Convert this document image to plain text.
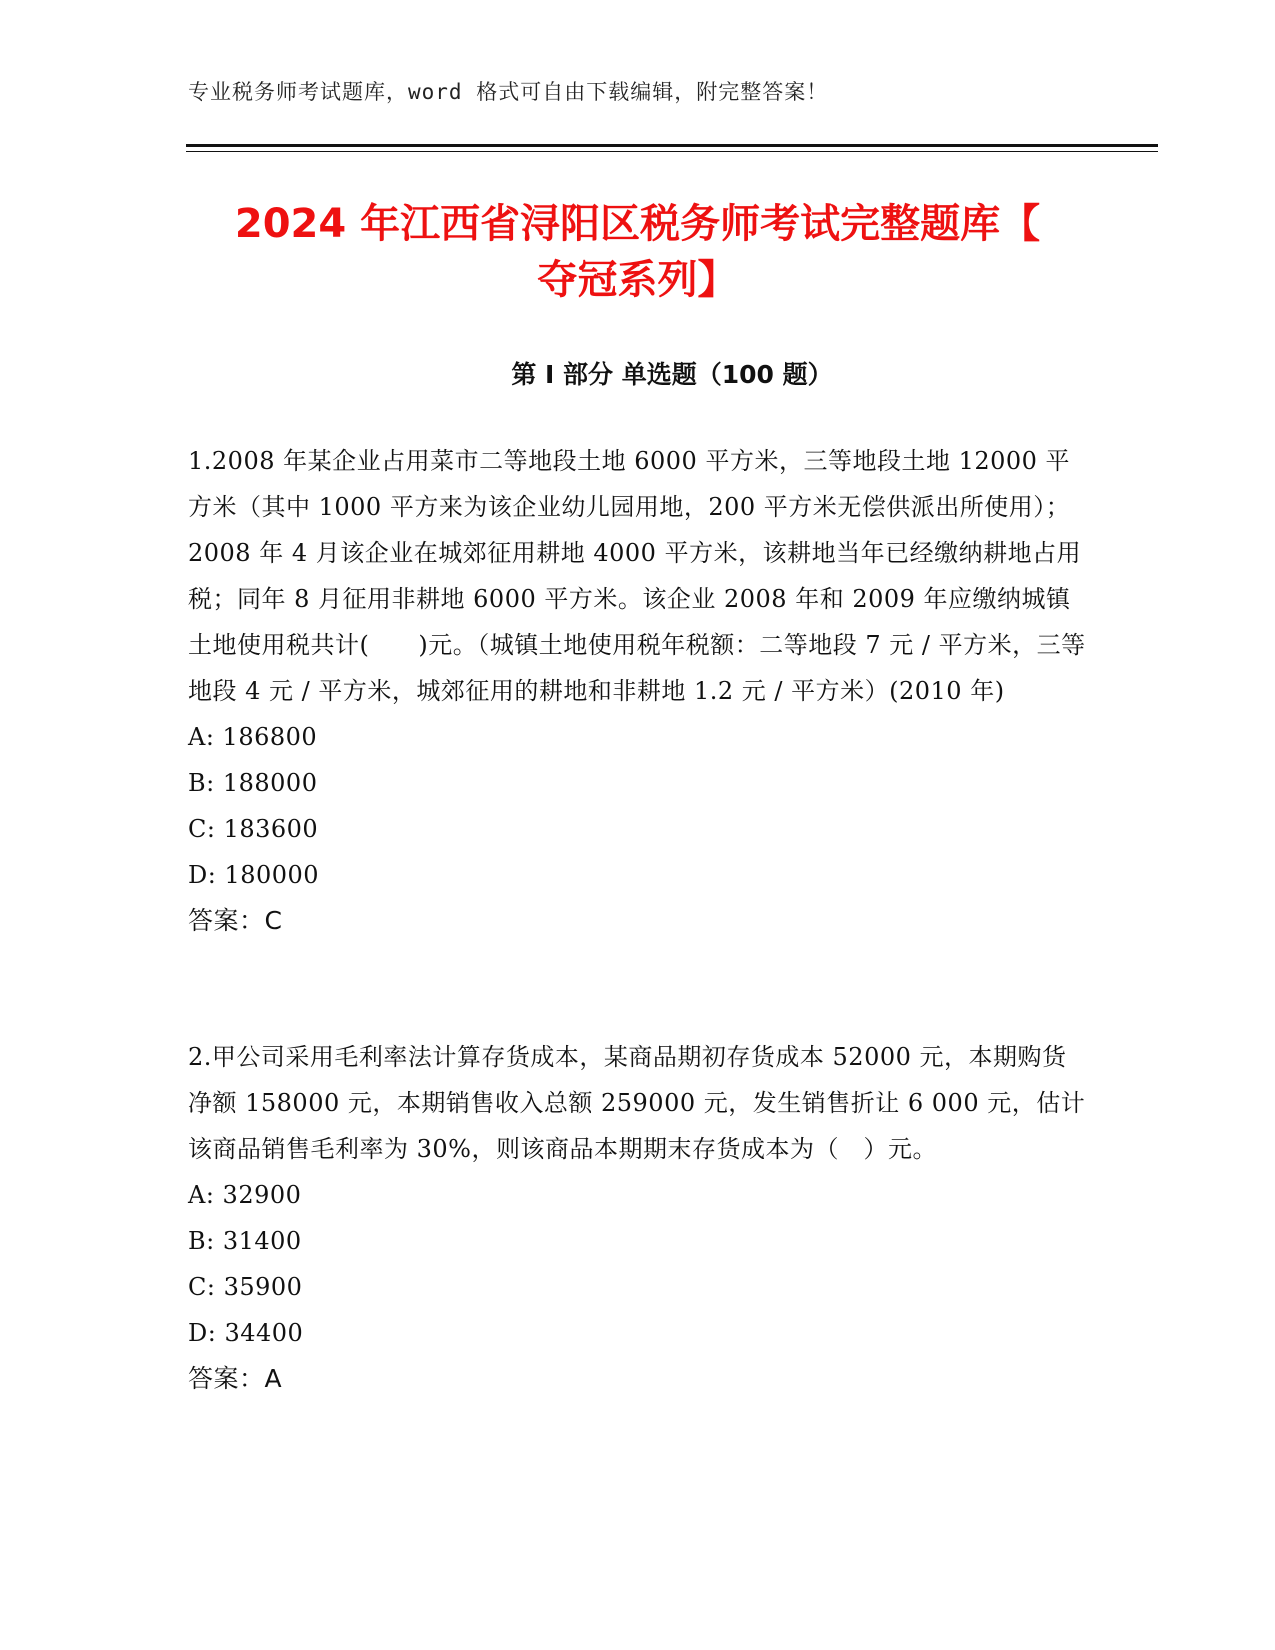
专业税务师考试题库，word 格式可自由下载编辑，附完整答案！
2024 年江西省浔阳区税务师考试完整题库【
夺冠系列】
第 I 部分 单选题（100 题）

1.2008 年某企业占用菜市二等地段土地 6000 平方米，三等地段土地 12000 平方米（其中 1000 平方来为该企业幼儿园用地，200 平方米无偿供派出所使用）；2008 年 4 月该企业在城郊征用耕地 4000 平方米，该耕地当年已经缴纳耕地占用税；同年 8 月征用非耕地 6000 平方米。该企业 2008 年和 2009 年应缴纳城镇土地使用税共计(　　)元。（城镇土地使用税年税额：二等地段 7 元 / 平方米，三等地段 4 元 / 平方米，城郊征用的耕地和非耕地 1.2 元 / 平方米）(2010 年)

A: 186800

B: 188000

C: 183600

D: 180000

答案：C

2.甲公司采用毛利率法计算存货成本，某商品期初存货成本 52000 元，本期购货净额 158000 元，本期销售收入总额 259000 元，发生销售折让 6 000 元，估计该商品销售毛利率为 30%，则该商品本期期末存货成本为（　）元。

A: 32900

B: 31400

C: 35900

D: 34400

答案：A
